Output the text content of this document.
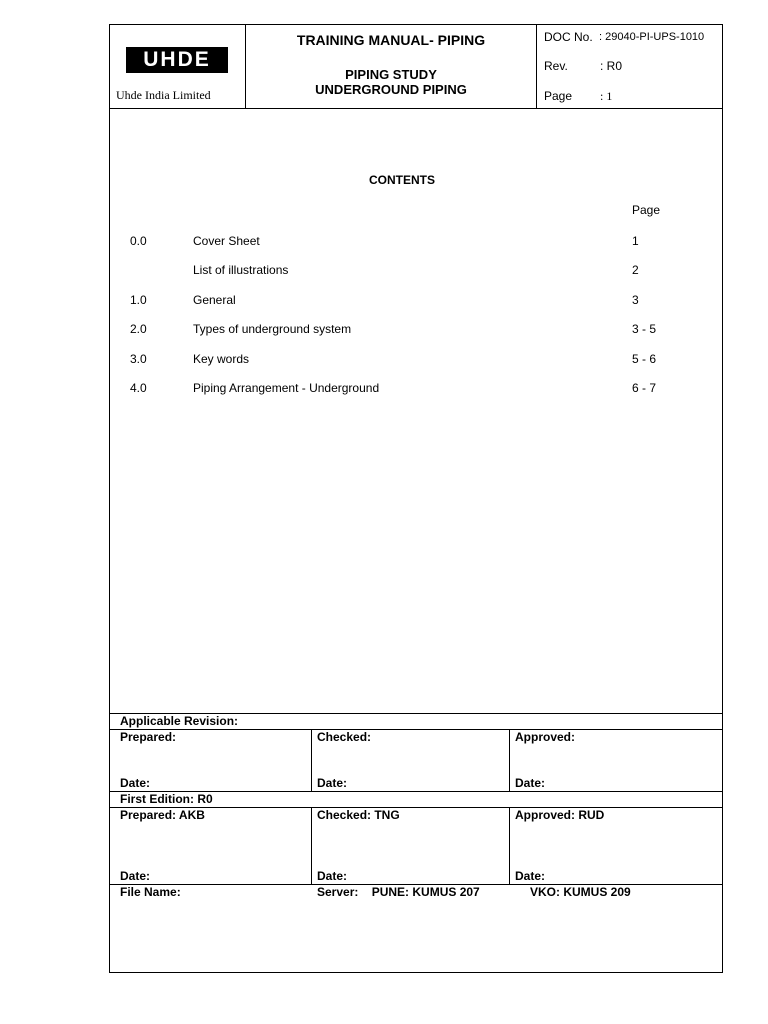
UHDE
Uhde India Limited
TRAINING MANUAL- PIPING
PIPING STUDY
UNDERGROUND PIPING
DOC No. : 29040-PI-UPS-1010
Rev.	: R0
Page : 1
CONTENTS
Page
0.0	Cover Sheet	1
List of illustrations	2
1.0	General	3
2.0	Types of underground system	3 - 5
3.0	Key words	5 - 6
4.0	Piping Arrangement - Underground	6 - 7
Applicable Revision:
Prepared:	Checked:	Approved:
Date:	Date:	Date:
First Edition: R0
Prepared: AKB	Checked: TNG	Approved: RUD
Date:	Date:	Date:
File Name:	Server:    PUNE: KUMUS 207	VKO: KUMUS 209
